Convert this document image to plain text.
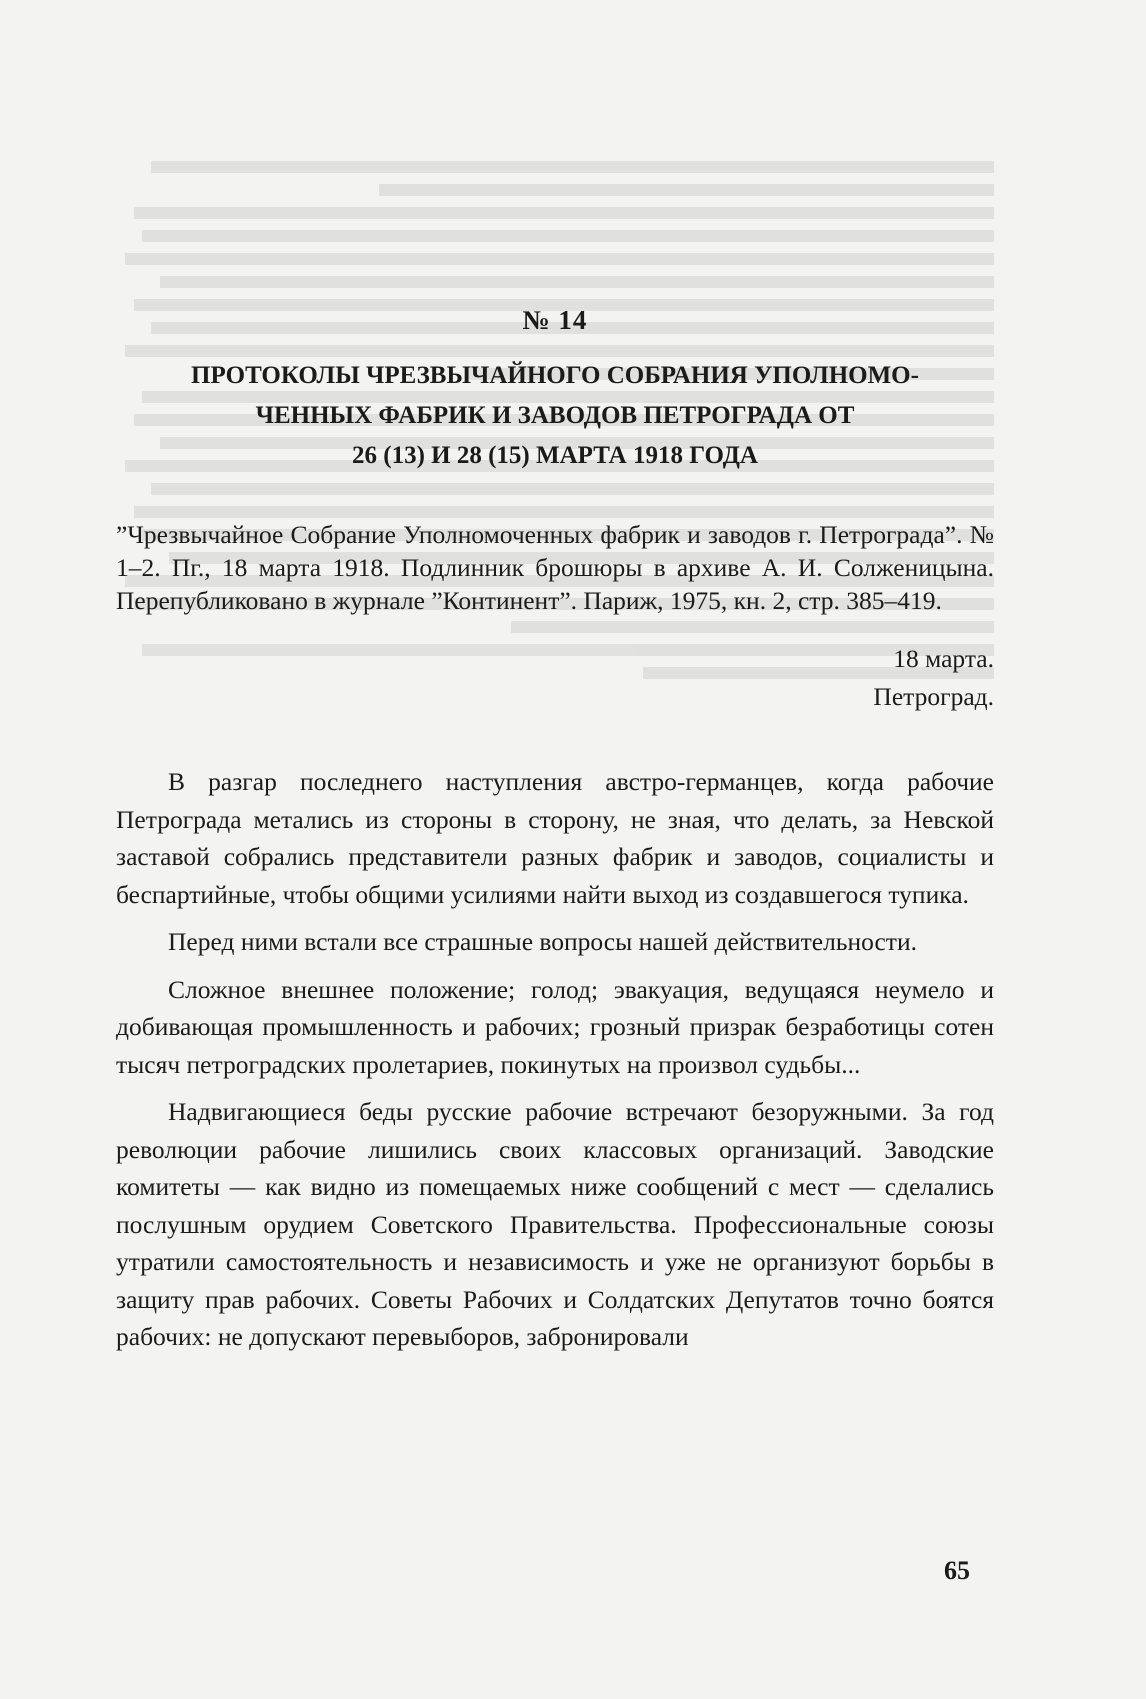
№ 14
ПРОТОКОЛЫ ЧРЕЗВЫЧАЙНОГО СОБРАНИЯ УПОЛНОМО-
ЧЕННЫХ ФАБРИК И ЗАВОДОВ ПЕТРОГРАДА ОТ
26 (13) И 28 (15) МАРТА 1918 ГОДА

”Чрезвычайное Собрание Уполномоченных фабрик и заводов г. Петрограда”. № 1–2. Пг., 18 марта 1918. Подлинник брошюры в архиве А. И. Солженицына. Перепубликовано в журнале ”Континент”. Париж, 1975, кн. 2, стр. 385–419.

18 марта.
Петроград.

В разгар последнего наступления австро-германцев, когда рабочие Петрограда метались из стороны в сторону, не зная, что делать, за Невской заставой собрались представители разных фабрик и заводов, социалисты и беспартийные, чтобы общими усилиями найти выход из создавшегося тупика.

Перед ними встали все страшные вопросы нашей действительности.

Сложное внешнее положение; голод; эвакуация, ведущаяся неумело и добивающая промышленность и рабочих; грозный призрак безработицы сотен тысяч петроградских пролетариев, покинутых на произвол судьбы...

Надвигающиеся беды русские рабочие встречают безоружными. За год революции рабочие лишились своих классовых организаций. Заводские комитеты — как видно из помещаемых ниже сообщений с мест — сделались послушным орудием Советского Правительства. Профессиональные союзы утратили самостоятельность и независимость и уже не организуют борьбы в защиту прав рабочих. Советы Рабочих и Солдатских Депутатов точно боятся рабочих: не допускают перевыборов, забронировали

65
